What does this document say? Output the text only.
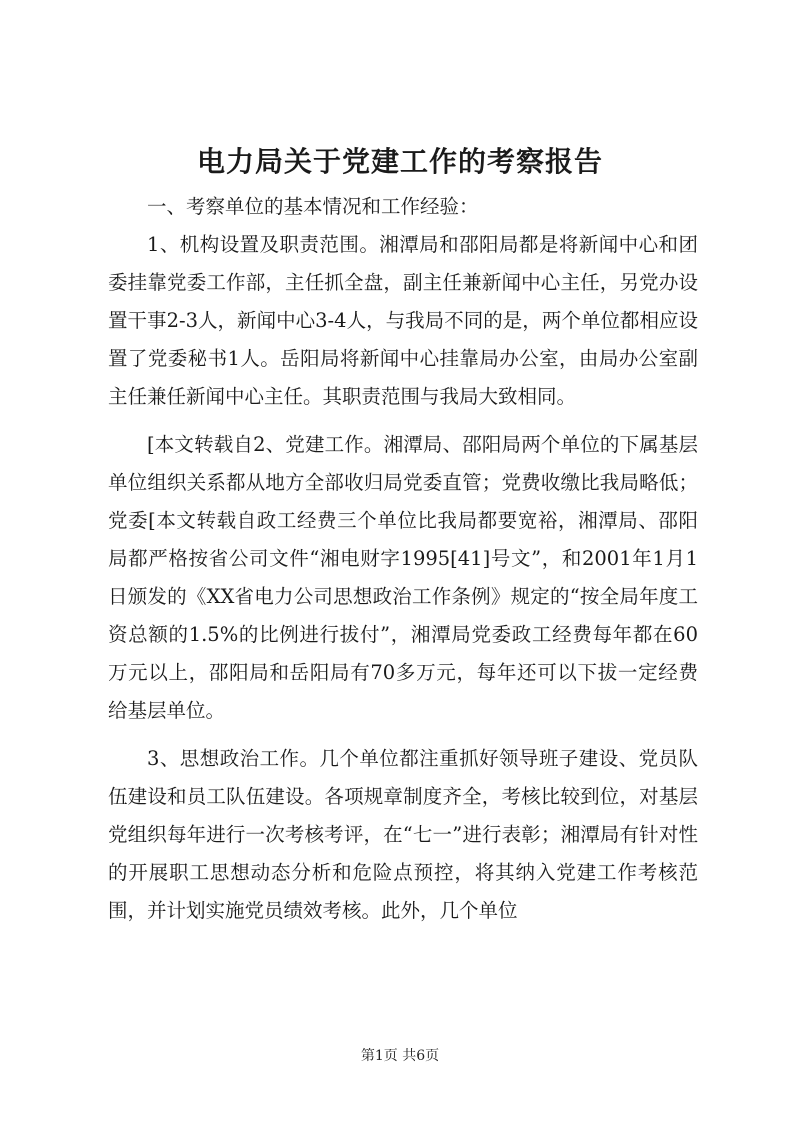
电力局关于党建工作的考察报告

一、考察单位的基本情况和工作经验：

1、机构设置及职责范围。湘潭局和邵阳局都是将新闻中心和团委挂靠党委工作部，主任抓全盘，副主任兼新闻中心主任，另党办设置干事2-3人，新闻中心3-4人，与我局不同的是，两个单位都相应设置了党委秘书1人。岳阳局将新闻中心挂靠局办公室，由局办公室副主任兼任新闻中心主任。其职责范围与我局大致相同。

[本文转载自2、党建工作。湘潭局、邵阳局两个单位的下属基层单位组织关系都从地方全部收归局党委直管；党费收缴比我局略低；党委[本文转载自政工经费三个单位比我局都要宽裕，湘潭局、邵阳局都严格按省公司文件“湘电财字1995[41]号文”，和2001年1月1日颁发的《XX省电力公司思想政治工作条例》规定的“按全局年度工资总额的1.5%的比例进行拔付”，湘潭局党委政工经费每年都在60万元以上，邵阳局和岳阳局有70多万元，每年还可以下拔一定经费给基层单位。

3、思想政治工作。几个单位都注重抓好领导班子建设、党员队伍建设和员工队伍建设。各项规章制度齐全，考核比较到位，对基层党组织每年进行一次考核考评，在“七一”进行表彰；湘潭局有针对性的开展职工思想动态分析和危险点预控，将其纳入党建工作考核范围，并计划实施党员绩效考核。此外，几个单位

第1页 共6页
